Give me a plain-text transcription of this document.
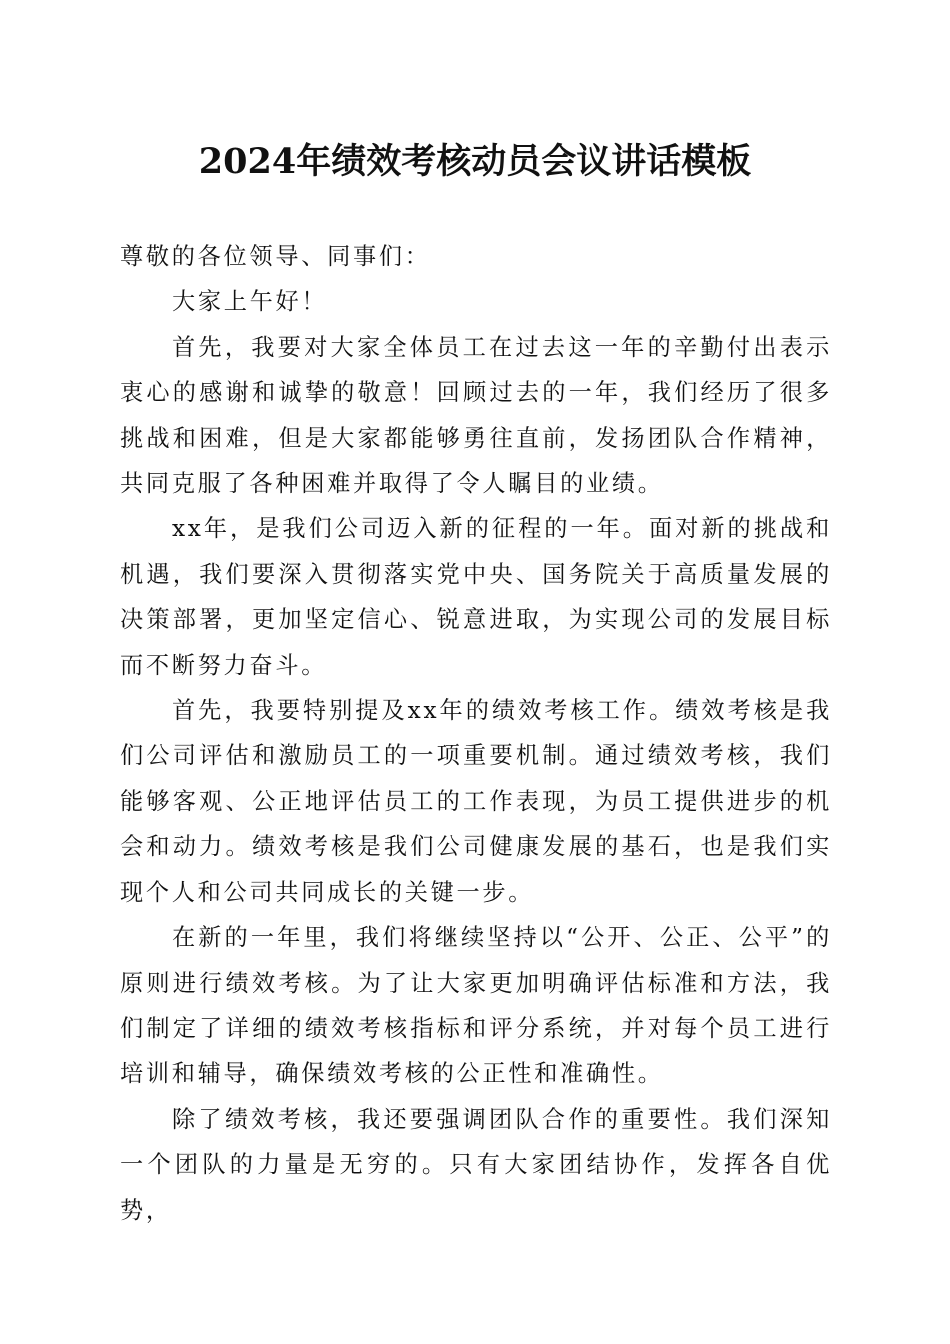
2024年绩效考核动员会议讲话模板

尊敬的各位领导、同事们：

大家上午好！

首先，我要对大家全体员工在过去这一年的辛勤付出表示衷心的感谢和诚挚的敬意！回顾过去的一年，我们经历了很多挑战和困难，但是大家都能够勇往直前，发扬团队合作精神，共同克服了各种困难并取得了令人瞩目的业绩。

xx年，是我们公司迈入新的征程的一年。面对新的挑战和机遇，我们要深入贯彻落实党中央、国务院关于高质量发展的决策部署，更加坚定信心、锐意进取，为实现公司的发展目标而不断努力奋斗。

首先，我要特别提及xx年的绩效考核工作。绩效考核是我们公司评估和激励员工的一项重要机制。通过绩效考核，我们能够客观、公正地评估员工的工作表现，为员工提供进步的机会和动力。绩效考核是我们公司健康发展的基石，也是我们实现个人和公司共同成长的关键一步。

在新的一年里，我们将继续坚持以“公开、公正、公平”的原则进行绩效考核。为了让大家更加明确评估标准和方法，我们制定了详细的绩效考核指标和评分系统，并对每个员工进行培训和辅导，确保绩效考核的公正性和准确性。

除了绩效考核，我还要强调团队合作的重要性。我们深知一个团队的力量是无穷的。只有大家团结协作，发挥各自优势，
